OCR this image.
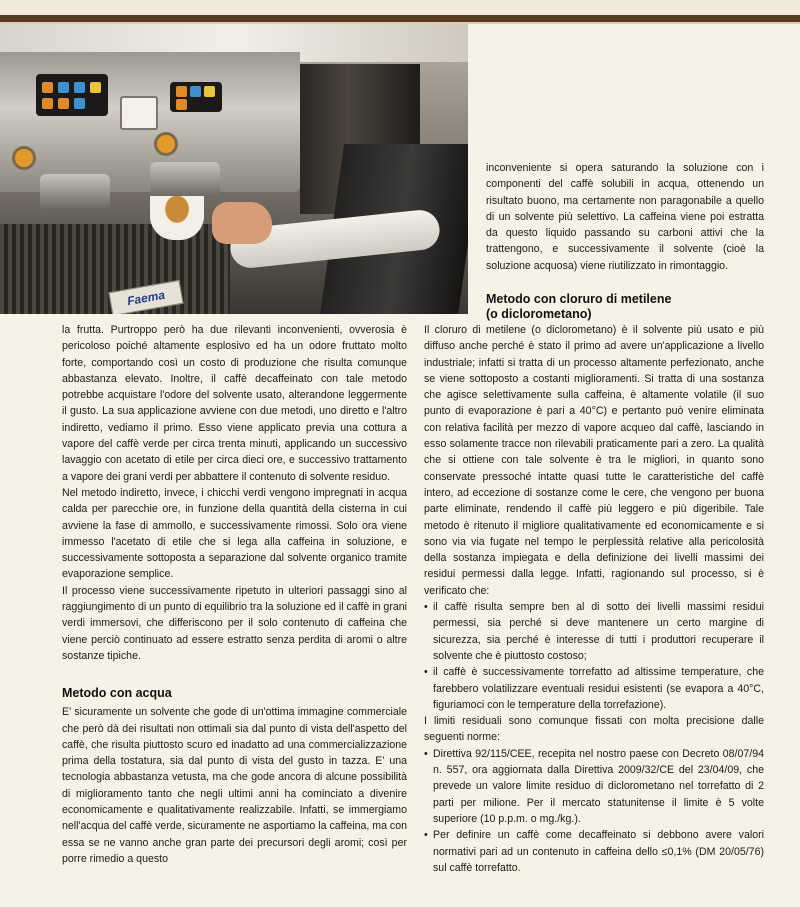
Faema

inconveniente si opera saturando la soluzione con i componenti del caffè solubili in acqua, ottenendo un risultato buono, ma certamente non paragonabile a quello di un solvente più selettivo. La caffeina viene poi estratta da questo liquido passando su carboni attivi che la trattengono, e successivamente il solvente (cioè la soluzione acquosa) viene riutilizzato in rimontaggio.

Metodo con cloruro di metilene
(o diclorometano)

la frutta. Purtroppo però ha due rilevanti inconvenienti, ovverosia è pericoloso poiché altamente esplosivo ed ha un odore fruttato molto forte, comportando così un costo di produzione che risulta comunque abbastanza elevato. Inoltre, il caffè decaffeinato con tale metodo potrebbe acquistare l'odore del solvente usato, alterandone leggermente il gusto. La sua applicazione avviene con due metodi, uno diretto e l'altro indiretto, vediamo il primo. Esso viene applicato previa una cottura a vapore del caffè verde per circa trenta minuti, applicando un successivo lavaggio con acetato di etile per circa dieci ore, e successivo trattamento a vapore dei grani verdi per abbattere il contenuto di solvente residuo.

Nel metodo indiretto, invece, i chicchi verdi vengono impregnati in acqua calda per parecchie ore, in funzione della quantità della cisterna in cui avviene la fase di ammollo, e successivamente rimossi. Solo ora viene immesso l'acetato di etile che si lega alla caffeina in soluzione, e successivamente sottoposta a separazione dal solvente organico tramite evaporazione semplice.

Il processo viene successivamente ripetuto in ulteriori passaggi sino al raggiungimento di un punto di equilibrio tra la soluzione ed il caffè in grani verdi immersovi, che differiscono per il solo contenuto di caffeina che viene perciò continuato ad essere estratto senza perdita di aromi o altre sostanze tipiche.

Metodo con acqua

E' sicuramente un solvente che gode di un'ottima immagine commerciale che però dà dei risultati non ottimali sia dal punto di vista dell'aspetto del caffè, che risulta piuttosto scuro ed inadatto ad una commercializzazione prima della tostatura, sia dal punto di vista del gusto in tazza. E' una tecnologia abbastanza vetusta, ma che gode ancora di alcune possibilità di miglioramento tanto che negli ultimi anni ha cominciato a divenire economicamente e qualitativamente realizzabile. Infatti, se immergiamo nell'acqua del caffè verde, sicuramente ne asportiamo la caffeina, ma con essa se ne vanno anche gran parte dei precursori degli aromi; così per porre rimedio a questo

Il cloruro di metilene (o diclorometano) è il solvente più usato e più diffuso anche perché è stato il primo ad avere un'applicazione a livello industriale; infatti si tratta di un processo altamente perfezionato, anche se viene sottoposto a costanti miglioramenti. Si tratta di una sostanza che agisce selettivamente sulla caffeina, è altamente volatile (il suo punto di evaporazione è pari a 40°C) e pertanto può venire eliminata con relativa facilità per mezzo di vapore acqueo dal caffè, lasciando in esso solamente tracce non rilevabili praticamente pari a zero. La qualità che si ottiene con tale solvente è tra le migliori, in quanto sono conservate pressoché intatte quasi tutte le caratteristiche del caffè intero, ad eccezione di sostanze come le cere, che vengono per buona parte eliminate, rendendo il caffè più leggero e più digeribile. Tale metodo è ritenuto il migliore qualitativamente ed economicamente e si sono via via fugate nel tempo le perplessità relative alla pericolosità della sostanza impiegata e della definizione dei livelli massimi dei residui permessi dalla legge. Infatti, ragionando sul processo, si è verificato che:

• il caffè risulta sempre ben al di sotto dei livelli massimi residui permessi, sia perché si deve mantenere un certo margine di sicurezza, sia perché è interesse di tutti i produttori recuperare il solvente che è piuttosto costoso;

• il caffè è successivamente torrefatto ad altissime temperature, che farebbero volatilizzare eventuali residui esistenti (se evapora a 40°C, figuriamoci con le temperature della torrefazione).

I limiti residuali sono comunque fissati con molta precisione dalle seguenti norme:

• Direttiva 92/115/CEE, recepita nel nostro paese con Decreto 08/07/94 n. 557, ora aggiornata dalla Direttiva 2009/32/CE del 23/04/09, che prevede un valore limite residuo di diclorometano nel torrefatto di 2 parti per milione. Per il mercato statunitense il limite è 5 volte superiore (10 p.p.m. o mg./kg.).

• Per definire un caffè come decaffeinato si debbono avere valori normativi pari ad un contenuto in caffeina dello ≤0,1% (DM 20/05/76) sul caffè torrefatto.
